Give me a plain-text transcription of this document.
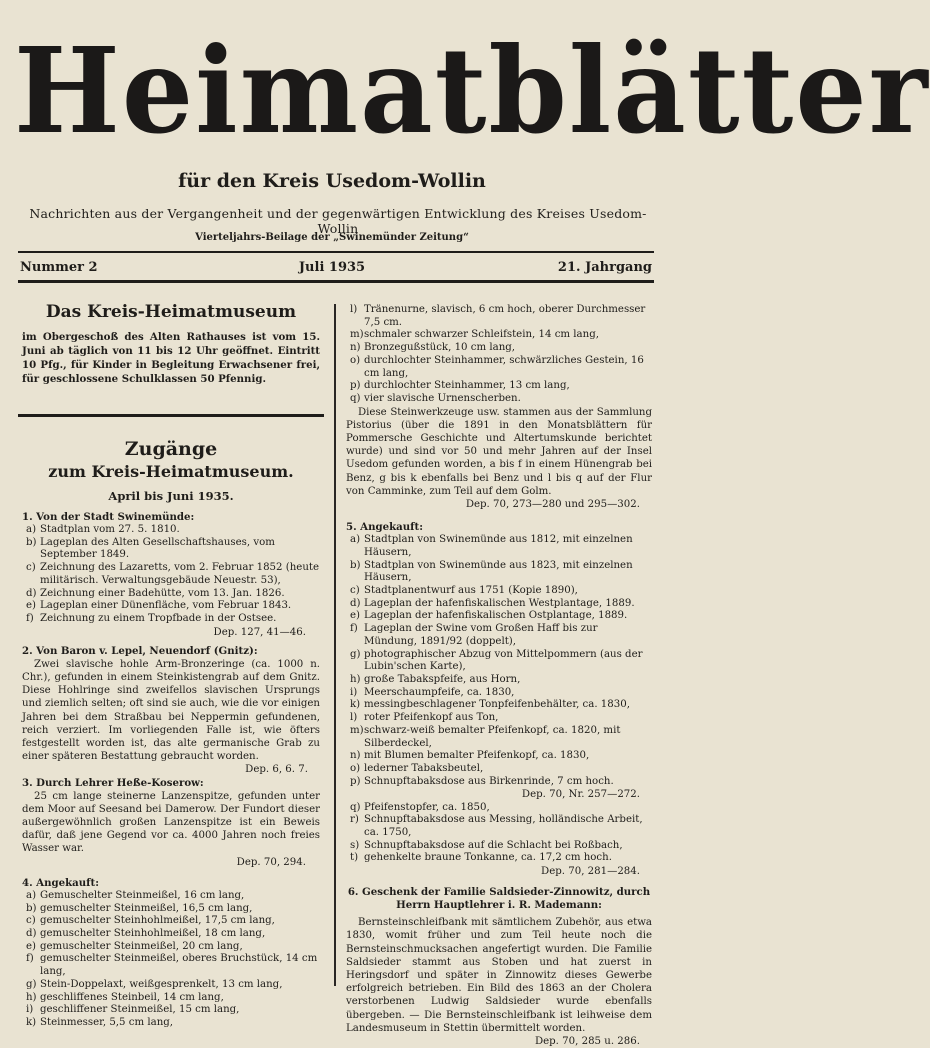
Heimatblätter
für den Kreis Usedom-Wollin
Nachrichten aus der Vergangenheit und der gegenwärtigen Entwicklung des Kreises Usedom-Wollin
Vierteljahrs-Beilage der „Swinemünder Zeitung“
Nummer 2	Juli 1935	21. Jahrgang
Das Kreis-Heimatmuseum

im Obergeschoß des Alten Rathauses ist vom 15. Juni ab täglich von 11 bis 12 Uhr geöffnet. Eintritt 10 Pfg., für Kinder in Begleitung Erwachsener frei, für geschlossene Schulklassen 50 Pfennig.

Zugänge
zum Kreis-Heimatmuseum.
April bis Juni 1935.

1. Von der Stadt Swinemünde:

a) Stadtplan vom 27. 5. 1810.
b) Lageplan des Alten Gesellschaftshauses, vom September 1849.
c) Zeichnung des Lazaretts, vom 2. Februar 1852 (heute militärisch. Verwaltungsgebäude Neuestr. 53),
d) Zeichnung einer Badehütte, vom 13. Jan. 1826.
e) Lageplan einer Dünenfläche, vom Februar 1843.
f) Zeichnung zu einem Tropfbade in der Ostsee.
Dep. 127, 41—46.

2. Von Baron v. Lepel, Neuendorf (Gnitz):

Zwei slavische hohle Arm-Bronzeringe (ca. 1000 n. Chr.), gefunden in einem Steinkistengrab auf dem Gnitz. Diese Hohlringe sind zweifellos slavischen Ursprungs und ziemlich selten; oft sind sie auch, wie die vor einigen Jahren bei dem Straßbau bei Neppermin gefundenen, reich verziert. Im vorliegenden Falle ist, wie öfters festgestellt worden ist, das alte germanische Grab zu einer späteren Bestattung gebraucht worden.

Dep. 6, 6. 7.

3. Durch Lehrer Heße-Koserow:

25 cm lange steinerne Lanzenspitze, gefunden unter dem Moor auf Seesand bei Damerow. Der Fundort dieser außergewöhnlich großen Lanzenspitze ist ein Beweis dafür, daß jene Gegend vor ca. 4000 Jahren noch freies Wasser war.

Dep. 70, 294.

4. Angekauft:

a) Gemuschelter Steinmeißel, 16 cm lang,
b) gemuschelter Steinmeißel, 16,5 cm lang,
c) gemuschelter Steinhohlmeißel, 17,5 cm lang,
d) gemuschelter Steinhohlmeißel, 18 cm lang,
e) gemuschelter Steinmeißel, 20 cm lang,
f) gemuschelter Steinmeißel, oberes Bruchstück, 14 cm lang,
g) Stein-Doppelaxt, weißgesprenkelt, 13 cm lang,
h) geschliffenes Steinbeil, 14 cm lang,
i) geschliffener Steinmeißel, 15 cm lang,
k) Steinmesser, 5,5 cm lang,
l) Tränenurne, slavisch, 6 cm hoch, oberer Durchmesser 7,5 cm.
m) schmaler schwarzer Schleifstein, 14 cm lang,
n) Bronzegußstück, 10 cm lang,
o) durchlochter Steinhammer, schwärzliches Gestein, 16 cm lang,
p) durchlochter Steinhammer, 13 cm lang,
q) vier slavische Urnenscherben.

Diese Steinwerkzeuge usw. stammen aus der Sammlung Pistorius (über die 1891 in den Monatsblättern für Pommersche Geschichte und Altertumskunde berichtet wurde) und sind vor 50 und mehr Jahren auf der Insel Usedom gefunden worden, a bis f in einem Hünengrab bei Benz, g bis k ebenfalls bei Benz und l bis q auf der Flur von Camminke, zum Teil auf dem Golm.

Dep. 70, 273—280 und 295—302.

5. Angekauft:

a) Stadtplan von Swinemünde aus 1812, mit einzelnen Häusern,
b) Stadtplan von Swinemünde aus 1823, mit einzelnen Häusern,
c) Stadtplanentwurf aus 1751 (Kopie 1890),
d) Lageplan der hafenfiskalischen Westplantage, 1889.
e) Lageplan der hafenfiskalischen Ostplantage, 1889.
f) Lageplan der Swine vom Großen Haff bis zur Mündung, 1891/92 (doppelt),
g) photographischer Abzug von Mittelpommern (aus der Lubin'schen Karte),
h) große Tabakspfeife, aus Horn,
i) Meerschaumpfeife, ca. 1830,
k) messingbeschlagener Tonpfeifenbehälter, ca. 1830,
l) roter Pfeifenkopf aus Ton,
m) schwarz-weiß bemalter Pfeifenkopf, ca. 1820, mit Silberdeckel,
n) mit Blumen bemalter Pfeifenkopf, ca. 1830,
o) lederner Tabaksbeutel,
p) Schnupftabaksdose aus Birkenrinde, 7 cm hoch.
Dep. 70, Nr. 257—272.
q) Pfeifenstopfer, ca. 1850,
r) Schnupftabaksdose aus Messing, holländische Arbeit, ca. 1750,
s) Schnupftabaksdose auf die Schlacht bei Roßbach,
t) gehenkelte braune Tonkanne, ca. 17,2 cm hoch.
Dep. 70, 281—284.

6. Geschenk der Familie Saldsieder-Zinnowitz, durch Herrn Hauptlehrer i. R. Mademann:

Bernsteinschleifbank mit sämtlichem Zubehör, aus etwa 1830, womit früher und zum Teil heute noch die Bernsteinschmucksachen angefertigt wurden. Die Familie Saldsieder stammt aus Stoben und hat zuerst in Heringsdorf und später in Zinnowitz dieses Gewerbe erfolgreich betrieben. Ein Bild des 1863 an der Cholera verstorbenen Ludwig Saldsieder wurde ebenfalls übergeben. — Die Bernsteinschleifbank ist leihweise dem Landesmuseum in Stettin übermittelt worden.

Dep. 70, 285 u. 286.
